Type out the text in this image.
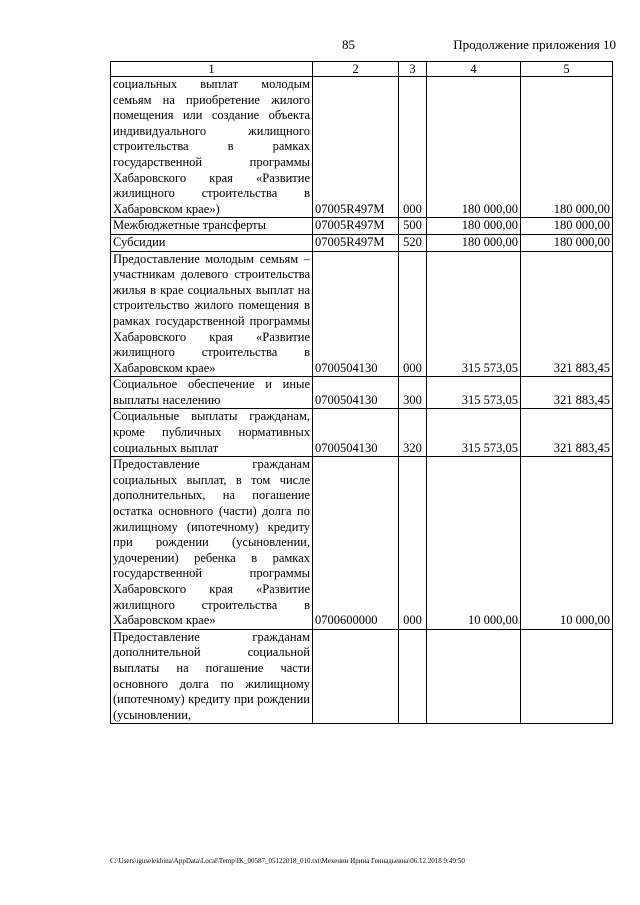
85	Продолжение приложения 10
1	2	3	4	5
социальных выплат молодым семьям на приобретение жилого помещения или создание объекта индивидуального жилищного строительства в рамках государственной программы Хабаровского края «Развитие жилищного строительства в Хабаровском крае»)	07005R497M	000	180 000,00	180 000,00
Межбюджетные трансферты	07005R497M	500	180 000,00	180 000,00
Субсидии	07005R497M	520	180 000,00	180 000,00
Предоставление молодым семьям – участникам долевого строительства жилья в крае социальных выплат на строительство жилого помещения в рамках государственной программы Хабаровского края «Развитие жилищного строительства в Хабаровском крае»	0700504130	000	315 573,05	321 883,45
Социальное обеспечение и иные выплаты населению	0700504130	300	315 573,05	321 883,45
Социальные выплаты гражданам, кроме публичных нормативных социальных выплат	0700504130	320	315 573,05	321 883,45
Предоставление гражданам социальных выплат, в том числе дополнительных, на погашение остатка основного (части) долга по жилищному (ипотечному) кредиту при рождении (усыновлении, удочерении) ребенка в рамках государственной программы Хабаровского края «Развитие жилищного строительства в Хабаровском крае»	0700600000	000	10 000,00	10 000,00
Предоставление гражданам дополнительной социальной выплаты на погашение части основного долга по жилищному (ипотечному) кредиту при рождении (усыновлении,				
C:\Users\iguselekhina\AppData\Local\Temp\IK_00587_05122018_010.txt\Мехенин Ирина Геннадьевна\06.12.2018 9:49:50
